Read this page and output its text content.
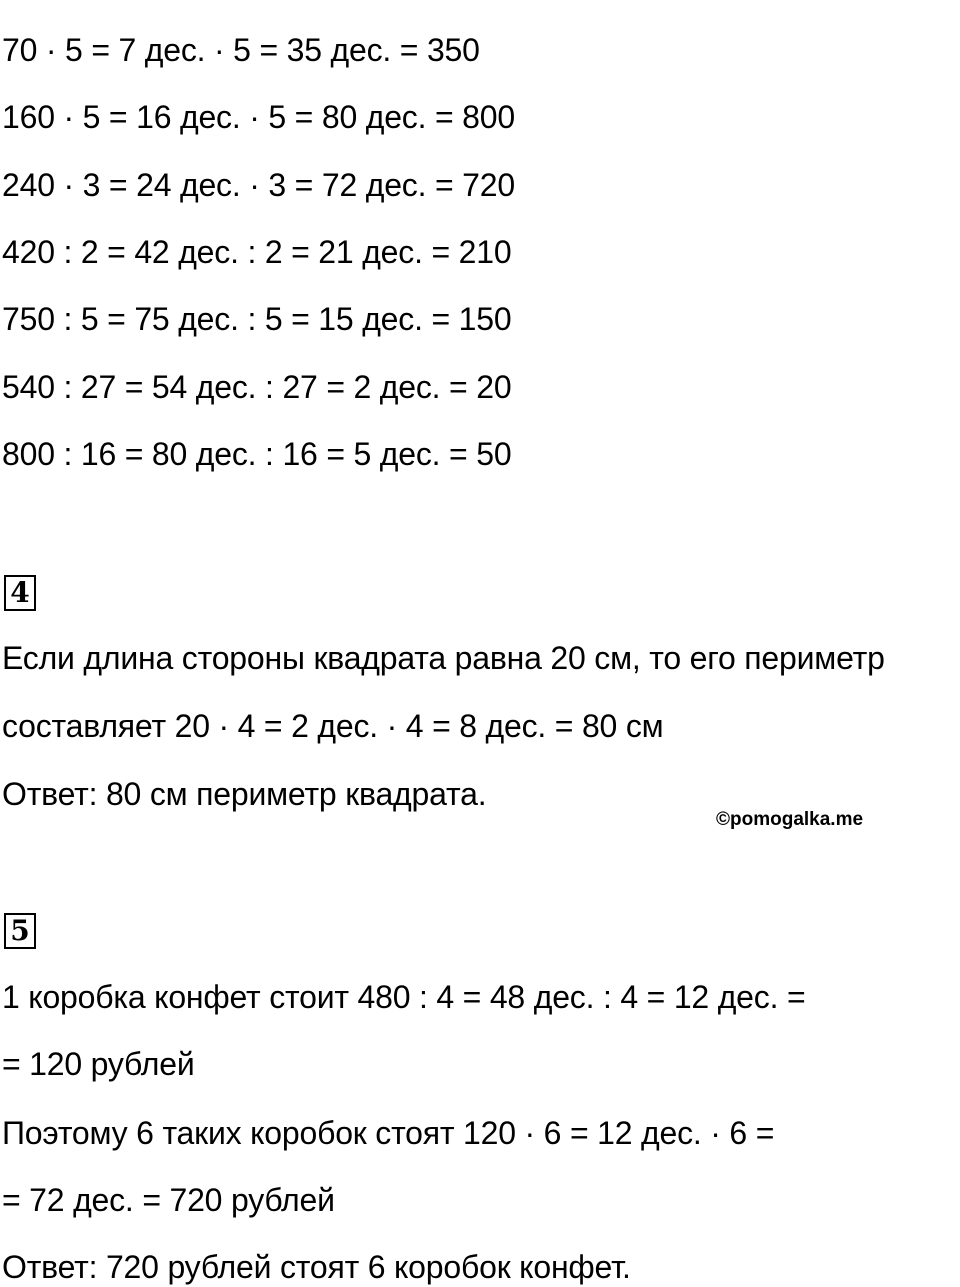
70 · 5 = 7 дес. · 5 = 35 дес. = 350
160 · 5 = 16 дес. · 5 = 80 дес. = 800
240 · 3 = 24 дес. · 3 = 72 дес. = 720
420 : 2 = 42 дес. : 2 = 21 дес. = 210
750 : 5 = 75 дес. : 5 = 15 дес. = 150
540 : 27 = 54 дес. : 27 = 2 дес. = 20
800 : 16 = 80 дес. : 16 = 5 дес. = 50
4
Если длина стороны квадрата равна 20 см, то его периметр
составляет 20 · 4 = 2 дес. · 4 = 8 дес. = 80 см
Ответ: 80 см периметр квадрата.
©pomogalka.me
5
1 коробка конфет стоит 480 : 4 = 48 дес. : 4 = 12 дес. =
= 120 рублей
Поэтому 6 таких коробок стоят 120 · 6 = 12 дес. · 6 =
= 72 дес. = 720 рублей
Ответ: 720 рублей стоят 6 коробок конфет.
